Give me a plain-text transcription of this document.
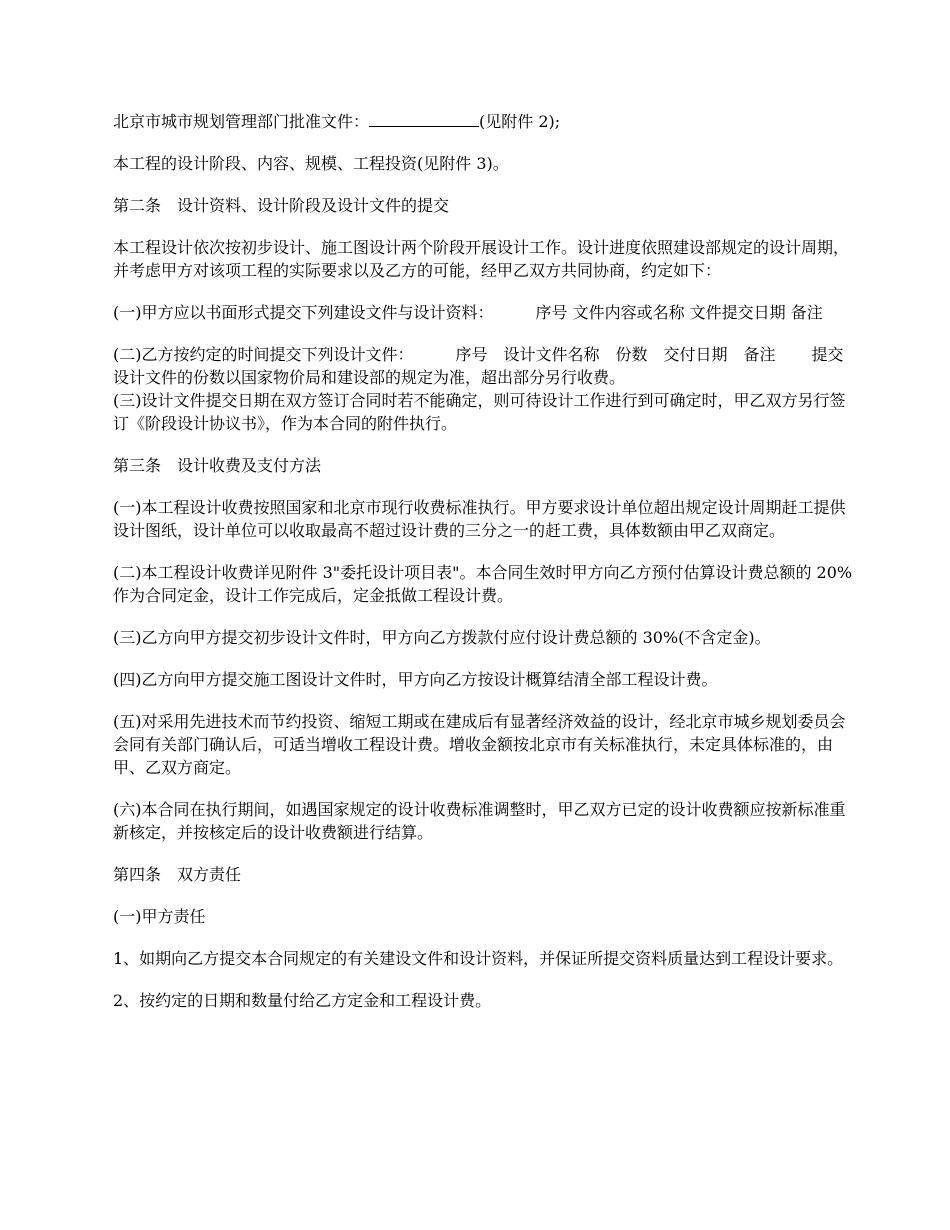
北京市城市规划管理部门批准文件：	(见附件 2);

本工程的设计阶段、内容、规模、工程投资(见附件 3)。

第二条　设计资料、设计阶段及设计文件的提交

本工程设计依次按初步设计、施工图设计两个阶段开展设计工作。设计进度依照建设部规定的设计周期，并考虑甲方对该项工程的实际要求以及乙方的可能，经甲乙双方共同协商，约定如下：

(一)甲方应以书面形式提交下列建设文件与设计资料：	序号 文件内容或名称 文件提交日期 备注

(二)乙方按约定的时间提交下列设计文件：	序号　设计文件名称　份数　交付日期　备注 提交设计文件的份数以国家物价局和建设部的规定为准，超出部分另行收费。

(三)设计文件提交日期在双方签订合同时若不能确定，则可待设计工作进行到可确定时，甲乙双方另行签订《阶段设计协议书》，作为本合同的附件执行。

第三条　设计收费及支付方法

(一)本工程设计收费按照国家和北京市现行收费标准执行。甲方要求设计单位超出规定设计周期赶工提供设计图纸，设计单位可以收取最高不超过设计费的三分之一的赶工费，具体数额由甲乙双商定。

(二)本工程设计收费详见附件 3"委托设计项目表"。本合同生效时甲方向乙方预付估算设计费总额的 20%作为合同定金，设计工作完成后，定金抵做工程设计费。

(三)乙方向甲方提交初步设计文件时，甲方向乙方拨款付应付设计费总额的 30%(不含定金)。

(四)乙方向甲方提交施工图设计文件时，甲方向乙方按设计概算结清全部工程设计费。

(五)对采用先进技术而节约投资、缩短工期或在建成后有显著经济效益的设计，经北京市城乡规划委员会会同有关部门确认后，可适当增收工程设计费。增收金额按北京市有关标准执行，未定具体标准的，由甲、乙双方商定。

(六)本合同在执行期间，如遇国家规定的设计收费标准调整时，甲乙双方已定的设计收费额应按新标准重新核定，并按核定后的设计收费额进行结算。

第四条　双方责任

(一)甲方责任

1、如期向乙方提交本合同规定的有关建设文件和设计资料，并保证所提交资料质量达到工程设计要求。

2、按约定的日期和数量付给乙方定金和工程设计费。
